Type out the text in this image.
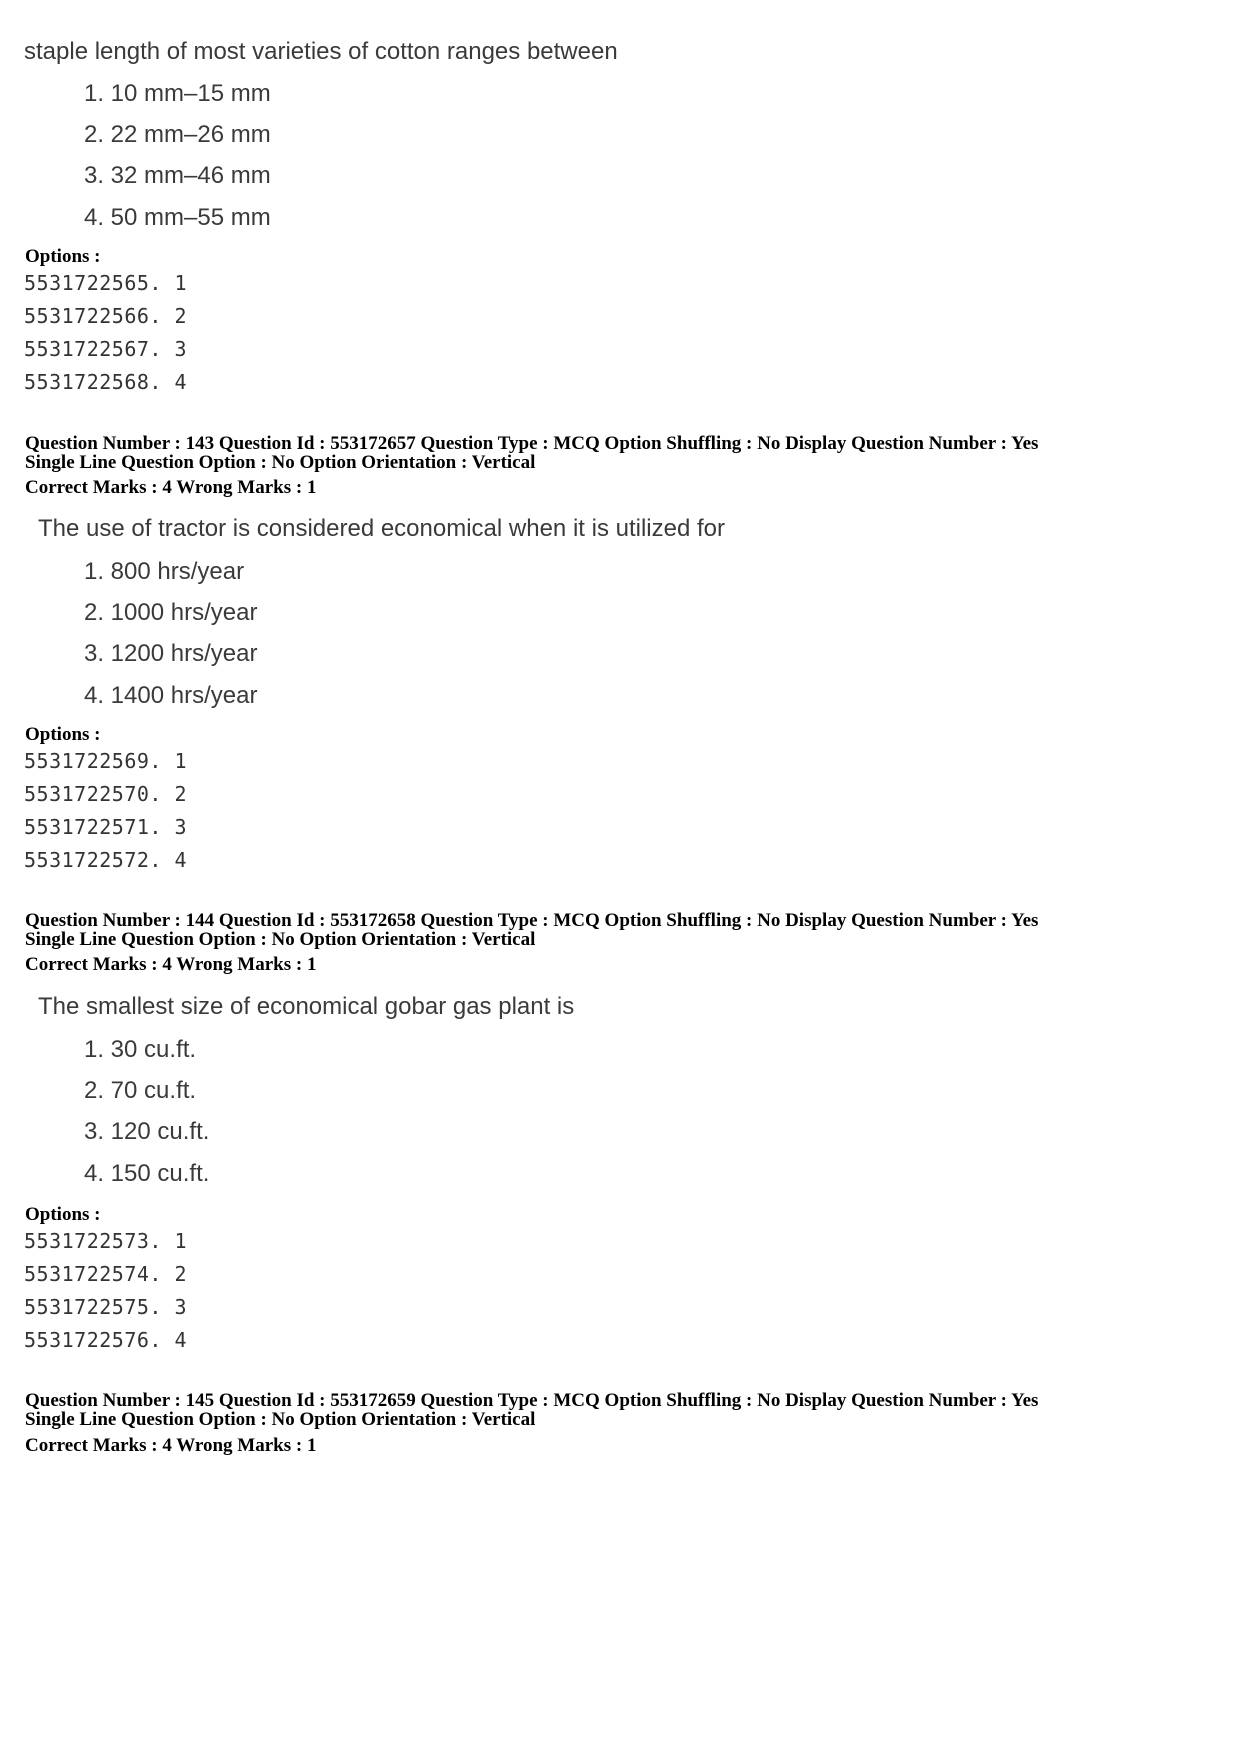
staple length of most varieties of cotton ranges between
1. 10 mm–15 mm
2. 22 mm–26 mm
3. 32 mm–46 mm
4. 50 mm–55 mm
Options :
5531722565. 1
5531722566. 2
5531722567. 3
5531722568. 4
Question Number : 143 Question Id : 553172657 Question Type : MCQ Option Shuffling : No Display Question Number : Yes
Single Line Question Option : No Option Orientation : Vertical
Correct Marks : 4 Wrong Marks : 1
The use of tractor is considered economical when it is utilized for
1. 800 hrs/year
2. 1000 hrs/year
3. 1200 hrs/year
4. 1400 hrs/year
Options :
5531722569. 1
5531722570. 2
5531722571. 3
5531722572. 4
Question Number : 144 Question Id : 553172658 Question Type : MCQ Option Shuffling : No Display Question Number : Yes
Single Line Question Option : No Option Orientation : Vertical
Correct Marks : 4 Wrong Marks : 1
The smallest size of economical gobar gas plant is
1. 30 cu.ft.
2. 70 cu.ft.
3. 120 cu.ft.
4. 150 cu.ft.
Options :
5531722573. 1
5531722574. 2
5531722575. 3
5531722576. 4
Question Number : 145 Question Id : 553172659 Question Type : MCQ Option Shuffling : No Display Question Number : Yes
Single Line Question Option : No Option Orientation : Vertical
Correct Marks : 4 Wrong Marks : 1
